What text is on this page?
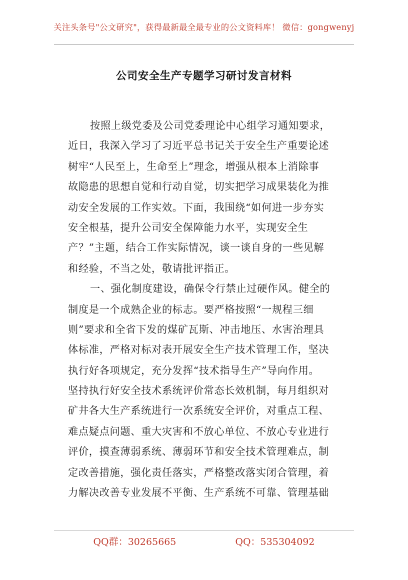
关注头条号"公文研究"，获得最新最全最专业的公文资料库！ 微信：gongwenyj
公司安全生产专题学习研讨发言材料
按照上级党委及公司党委理论中心组学习通知要求，
近日，我深入学习了习近平总书记关于安全生产重要论述
树牢“人民至上，生命至上”理念，增强从根本上消除事
故隐患的思想自觉和行动自觉，切实把学习成果装化为推
动安全发展的工作实效。下面，我围绕“如何进一步夯实
安全根基，提升公司安全保障能力水平，实现安全生
产？”主题，结合工作实际情况，谈一谈自身的一些见解
和经验，不当之处，敬请批评指正。
一、强化制度建设，确保令行禁止过硬作风。健全的
制度是一个成熟企业的标志。要严格按照“一规程三细
则”要求和全省下发的煤矿瓦斯、冲击地压、水害治理具
体标准，严格对标对表开展安全生产技术管理工作，坚决
执行好各项规定，充分发挥“技术指导生产”导向作用。
坚持执行好安全技术系统评价常态长效机制，每月组织对
矿井各大生产系统进行一次系统安全评价，对重点工程、
难点疑点问题、重大灾害和不放心单位、不放心专业进行
评价，摸查薄弱系统、薄弱环节和安全技术管理难点，制
定改善措施，强化责任落实，严格整改落实闭合管理，着
力解决改善专业发展不平衡、生产系统不可靠、管理基础
QQ群：30265665	QQ：535304092
